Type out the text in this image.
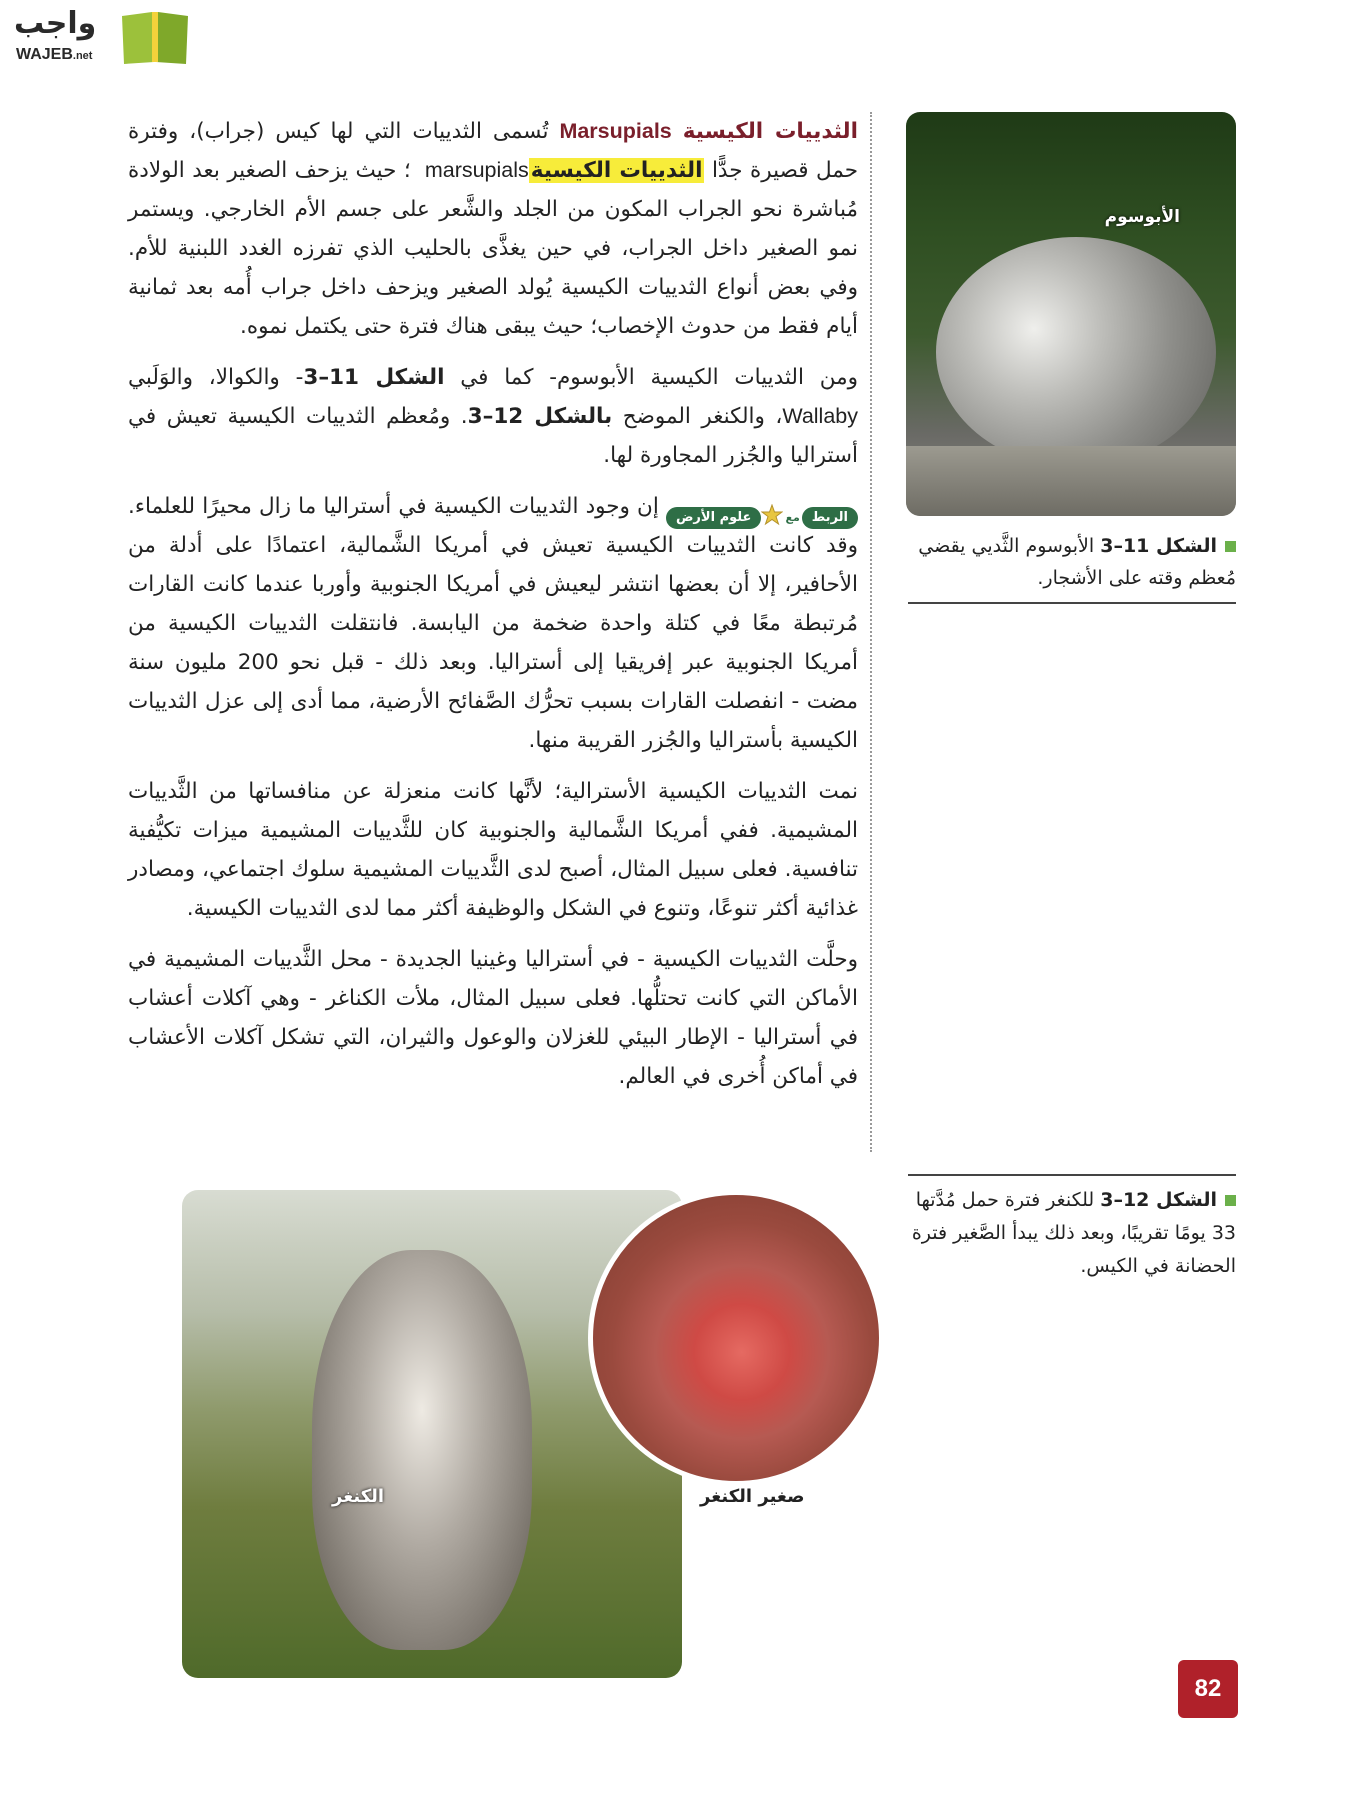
واجب
WAJEB.net

الثدييات الكيسية Marsupials تُسمى الثدييات التي لها كيس (جراب)، وفترة حمل قصيرة جدًّا الثدييات الكيسية marsupials ؛ حيث يزحف الصغير بعد الولادة مُباشرة نحو الجراب المكون من الجلد والشَّعر على جسم الأم الخارجي. ويستمر نمو الصغير داخل الجراب، في حين يغذَّى بالحليب الذي تفرزه الغدد اللبنية للأم. وفي بعض أنواع الثدييات الكيسية يُولد الصغير ويزحف داخل جراب أُمه بعد ثمانية أيام فقط من حدوث الإخصاب؛ حيث يبقى هناك فترة حتى يكتمل نموه.

ومن الثدييات الكيسية الأبوسوم- كما في الشكل 11–3- والكوالا، والوَلَبي Wallaby، والكنغر الموضح بالشكل 12–3. ومُعظم الثدييات الكيسية تعيش في أستراليا والجُزر المجاورة لها.

الربطمععلوم الأرض إن وجود الثدييات الكيسية في أستراليا ما زال محيرًا للعلماء. وقد كانت الثدييات الكيسية تعيش في أمريكا الشَّمالية، اعتمادًا على أدلة من الأحافير، إلا أن بعضها انتشر ليعيش في أمريكا الجنوبية وأوربا عندما كانت القارات مُرتبطة معًا في كتلة واحدة ضخمة من اليابسة. فانتقلت الثدييات الكيسية من أمريكا الجنوبية عبر إفريقيا إلى أستراليا. وبعد ذلك - قبل نحو 200 مليون سنة مضت - انفصلت القارات بسبب تحرُّك الصَّفائح الأرضية، مما أدى إلى عزل الثدييات الكيسية بأستراليا والجُزر القريبة منها.

نمت الثدييات الكيسية الأسترالية؛ لأنَّها كانت منعزلة عن منافساتها من الثَّدييات المشيمية. ففي أمريكا الشَّمالية والجنوبية كان للثَّدييات المشيمية ميزات تكيُّفية تنافسية. فعلى سبيل المثال، أصبح لدى الثَّدييات المشيمية سلوك اجتماعي، ومصادر غذائية أكثر تنوعًا، وتنوع في الشكل والوظيفة أكثر مما لدى الثدييات الكيسية.

وحلَّت الثدييات الكيسية - في أستراليا وغينيا الجديدة - محل الثَّدييات المشيمية في الأماكن التي كانت تحتلُّها. فعلى سبيل المثال، ملأت الكناغر - وهي آكلات أعشاب في أستراليا - الإطار البيئي للغزلان والوعول والثيران، التي تشكل آكلات الأعشاب في أماكن أُخرى في العالم.

الأبوسوم
الشكل 11–3 الأبوسوم الثَّديي يقضي مُعظم وقته على الأشجار.
الشكل 12–3 للكنغر فترة حمل مُدَّتها 33 يومًا تقريبًا، وبعد ذلك يبدأ الصَّغير فترة الحضانة في الكيس.
الكنغر	صغير الكنغر
82
